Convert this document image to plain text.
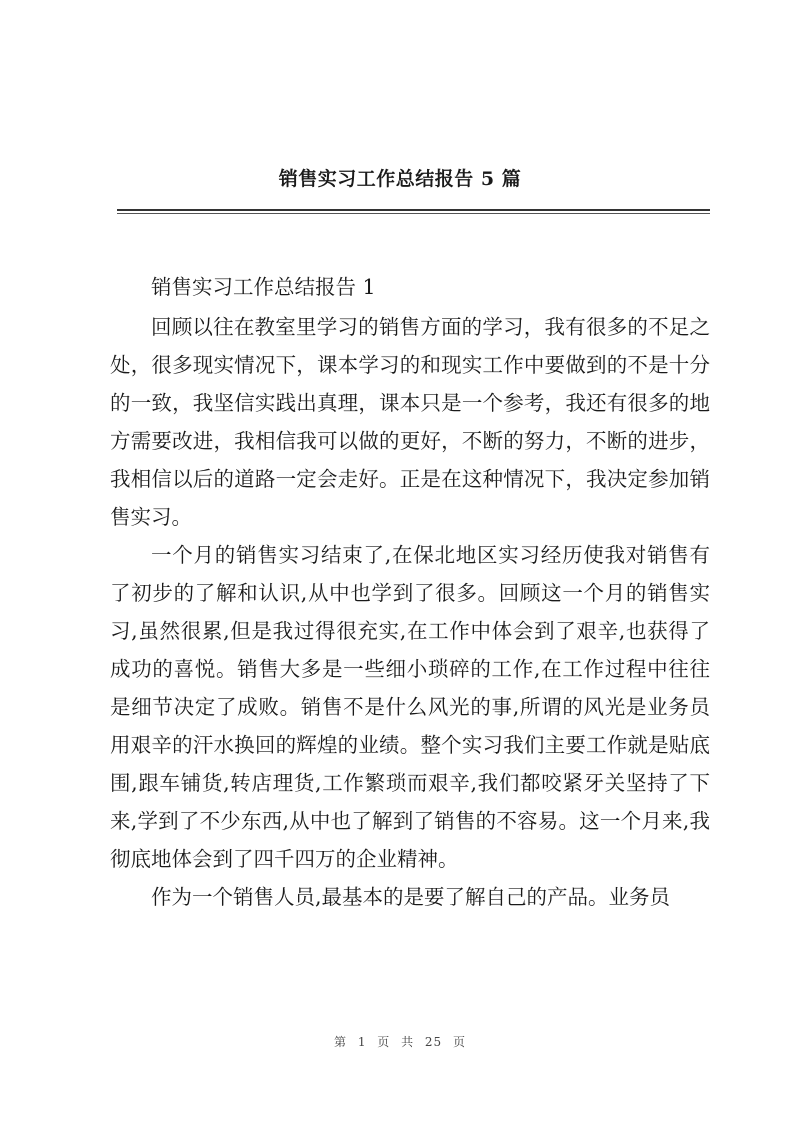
销售实习工作总结报告 5 篇

销售实习工作总结报告 1

回顾以往在教室里学习的销售方面的学习，我有很多的不足之处，很多现实情况下，课本学习的和现实工作中要做到的不是十分的一致，我坚信实践出真理，课本只是一个参考，我还有很多的地方需要改进，我相信我可以做的更好，不断的努力，不断的进步，我相信以后的道路一定会走好。正是在这种情况下，我决定参加销售实习。

一个月的销售实习结束了,在保北地区实习经历使我对销售有了初步的了解和认识,从中也学到了很多。回顾这一个月的销售实习,虽然很累,但是我过得很充实,在工作中体会到了艰辛,也获得了成功的喜悦。销售大多是一些细小琐碎的工作,在工作过程中往往是细节决定了成败。销售不是什么风光的事,所谓的风光是业务员用艰辛的汗水换回的辉煌的业绩。整个实习我们主要工作就是贴底围,跟车铺货,转店理货,工作繁琐而艰辛,我们都咬紧牙关坚持了下来,学到了不少东西,从中也了解到了销售的不容易。这一个月来,我彻底地体会到了四千四万的企业精神。

作为一个销售人员,最基本的是要了解自己的产品。业务员

第 1 页 共 25 页
